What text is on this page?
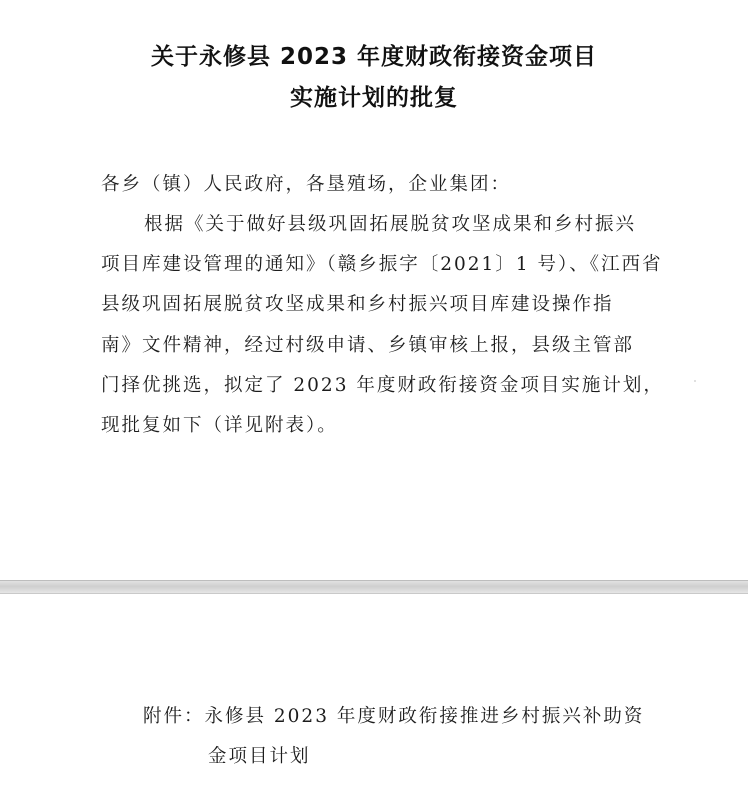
关于永修县 2023 年度财政衔接资金项目
实施计划的批复

各乡（镇）人民政府，各垦殖场，企业集团：

根据《关于做好县级巩固拓展脱贫攻坚成果和乡村振兴

项目库建设管理的通知》（赣乡振字〔2021〕1 号）、《江西省

县级巩固拓展脱贫攻坚成果和乡村振兴项目库建设操作指

南》文件精神，经过村级申请、乡镇审核上报，县级主管部

门择优挑选，拟定了 2023 年度财政衔接资金项目实施计划，

现批复如下（详见附表）。

附件：永修县 2023 年度财政衔接推进乡村振兴补助资

金项目计划
